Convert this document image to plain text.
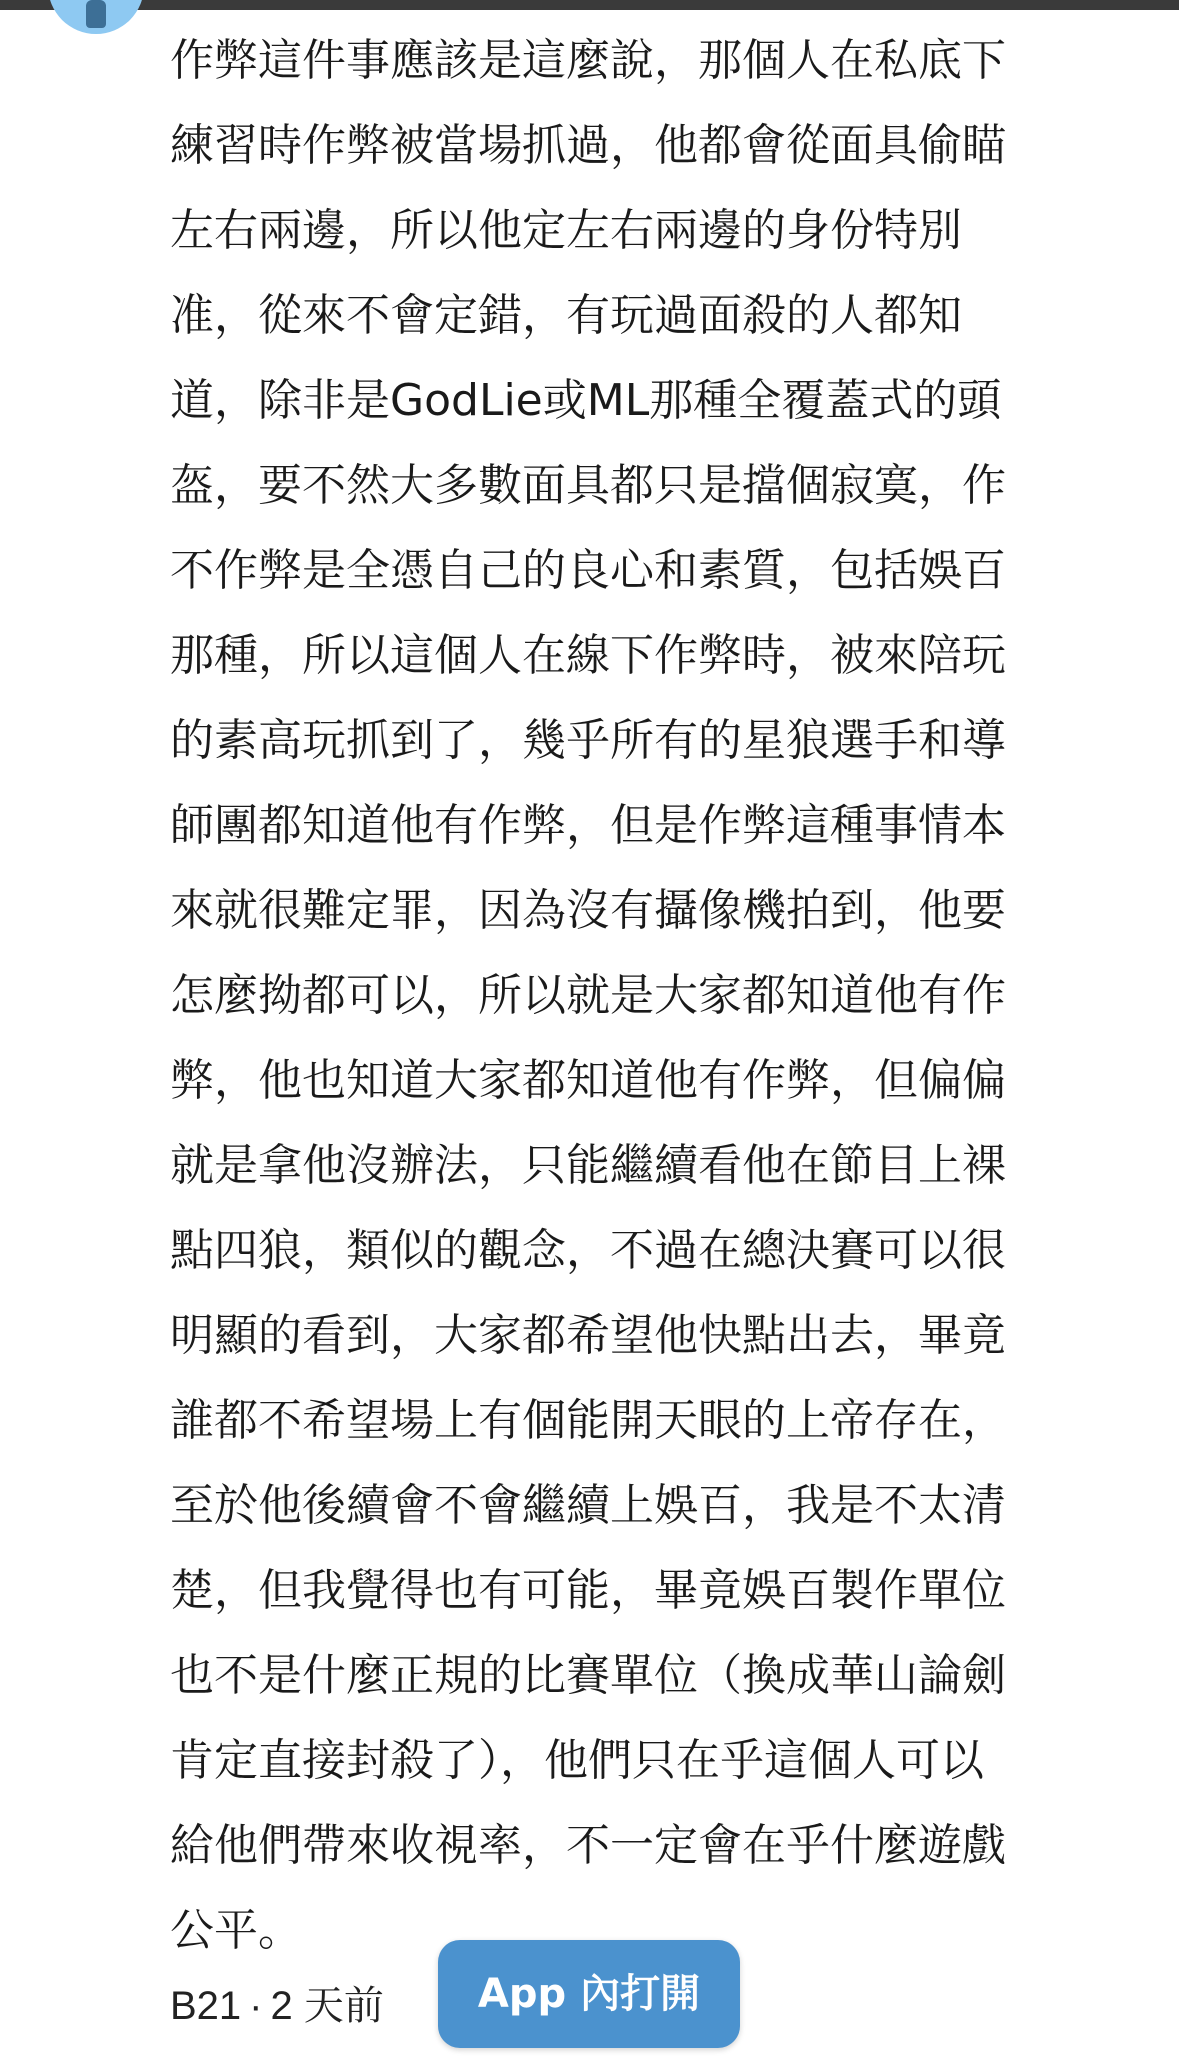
作弊這件事應該是這麼說，那個人在私底下
練習時作弊被當場抓過，他都會從面具偷瞄
左右兩邊，所以他定左右兩邊的身份特別
准，從來不會定錯，有玩過面殺的人都知
道，除非是GodLie或ML那種全覆蓋式的頭
盔，要不然大多數面具都只是擋個寂寞，作
不作弊是全憑自己的良心和素質，包括娛百
那種，所以這個人在線下作弊時，被來陪玩
的素高玩抓到了，幾乎所有的星狼選手和導
師團都知道他有作弊，但是作弊這種事情本
來就很難定罪，因為沒有攝像機拍到，他要
怎麼拗都可以，所以就是大家都知道他有作
弊，他也知道大家都知道他有作弊，但偏偏
就是拿他沒辦法，只能繼續看他在節目上裸
點四狼，類似的觀念，不過在總決賽可以很
明顯的看到，大家都希望他快點出去，畢竟
誰都不希望場上有個能開天眼的上帝存在，
至於他後續會不會繼續上娛百，我是不太清
楚，但我覺得也有可能，畢竟娛百製作單位
也不是什麼正規的比賽單位（換成華山論劍
肯定直接封殺了），他們只在乎這個人可以
給他們帶來收視率，不一定會在乎什麼遊戲
公平。

B21 · 2 天前	App 內打開
